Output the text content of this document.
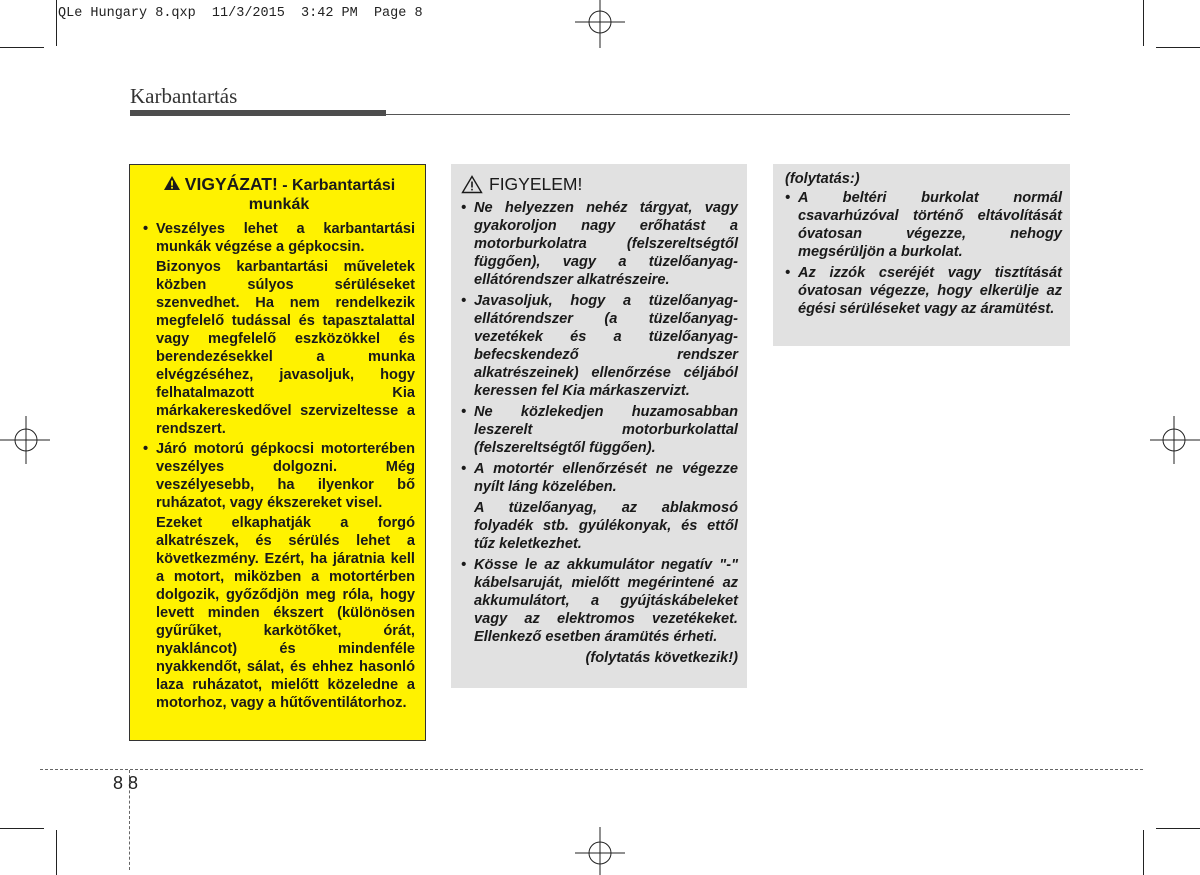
QLe Hungary 8.qxp  11/3/2015  3:42 PM  Page 8
Karbantartás
VIGYÁZAT! - Karbantartási munkák

• Veszélyes lehet a karbantartási munkák végzése a gépkocsin.

Bizonyos karbantartási műveletek közben súlyos sérüléseket szenvedhet. Ha nem rendelkezik megfelelő tudással és tapasztalattal vagy megfelelő eszközökkel és berendezésekkel a munka elvégzéséhez, javasoljuk, hogy felhatalmazott Kia márkakereskedővel szervizeltesse a rendszert.

• Járó motorú gépkocsi motorterében veszélyes dolgozni. Még veszélyesebb, ha ilyenkor bő ruházatot, vagy ékszereket visel.

Ezeket elkaphatják a forgó alkatrészek, és sérülés lehet a következmény. Ezért, ha járatnia kell a motort, miközben a motortérben dolgozik, győződjön meg róla, hogy levett minden ékszert (különösen gyűrűket, karkötőket, órát, nyakláncot) és mindenféle nyakkendőt, sálat, és ehhez hasonló laza ruházatot, mielőtt közeledne a motorhoz, vagy a hűtőventilátorhoz.
FIGYELEM!

• Ne helyezzen nehéz tárgyat, vagy gyakoroljon nagy erőhatást a motorburkolatra (felszereltségtől függően), vagy a tüzelőanyag-ellátórendszer alkatrészeire.

• Javasoljuk, hogy a tüzelőanyag-ellátórendszer (a tüzelőanyag-vezetékek és a tüzelőanyag-befecskendező rendszer alkatrészeinek) ellenőrzése céljából keressen fel Kia márkaszervizt.

• Ne közlekedjen huzamosabban leszerelt motorburkolattal (felszereltségtől függően).

• A motortér ellenőrzését ne végezze nyílt láng közelében.

A tüzelőanyag, az ablakmosó folyadék stb. gyúlékonyak, és ettől tűz keletkezhet.

• Kösse le az akkumulátor negatív "-" kábelsaruját, mielőtt megérintené az akkumulátort, a gyújtáskábeleket vagy az elektromos vezetékeket. Ellenkező esetben áramütés érheti.

(folytatás következik!)
(folytatás:)

• A beltéri burkolat normál csavarhúzóval történő eltávolítását óvatosan végezze, nehogy megsérüljön a burkolat.

• Az izzók cseréjét vagy tisztítását óvatosan végezze, hogy elkerülje az égési sérüléseket vagy az áramütést.

8 8
